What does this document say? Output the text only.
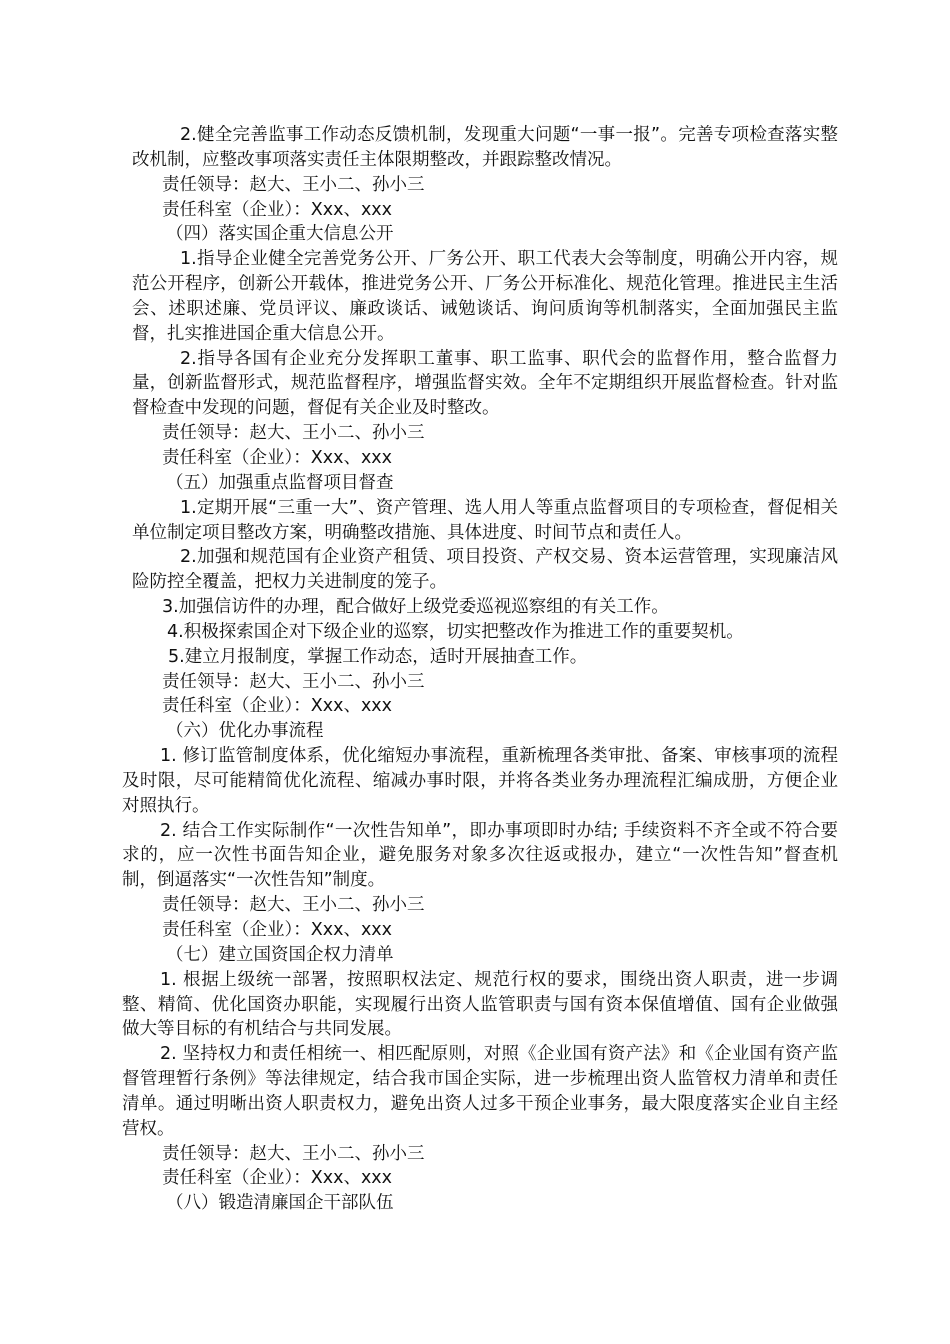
2.健全完善监事工作动态反馈机制，发现重大问题“一事一报”。完善专项检查落实整改机制，应整改事项落实责任主体限期整改，并跟踪整改情况。

责任领导：赵大、王小二、孙小三

责任科室（企业）：Xxx、xxx

（四）落实国企重大信息公开

1.指导企业健全完善党务公开、厂务公开、职工代表大会等制度，明确公开内容，规范公开程序，创新公开载体，推进党务公开、厂务公开标准化、规范化管理。推进民主生活会、述职述廉、党员评议、廉政谈话、诫勉谈话、询问质询等机制落实，全面加强民主监督，扎实推进国企重大信息公开。

2.指导各国有企业充分发挥职工董事、职工监事、职代会的监督作用，整合监督力量，创新监督形式，规范监督程序，增强监督实效。全年不定期组织开展监督检查。针对监督检查中发现的问题，督促有关企业及时整改。

责任领导：赵大、王小二、孙小三

责任科室（企业）：Xxx、xxx

（五）加强重点监督项目督查

1.定期开展“三重一大”、资产管理、选人用人等重点监督项目的专项检查，督促相关单位制定项目整改方案，明确整改措施、具体进度、时间节点和责任人。

2.加强和规范国有企业资产租赁、项目投资、产权交易、资本运营管理，实现廉洁风险防控全覆盖，把权力关进制度的笼子。

3.加强信访件的办理，配合做好上级党委巡视巡察组的有关工作。

4.积极探索国企对下级企业的巡察，切实把整改作为推进工作的重要契机。

5.建立月报制度，掌握工作动态，适时开展抽查工作。

责任领导：赵大、王小二、孙小三

责任科室（企业）：Xxx、xxx

（六）优化办事流程

1. 修订监管制度体系，优化缩短办事流程，重新梳理各类审批、备案、审核事项的流程及时限，尽可能精简优化流程、缩减办事时限，并将各类业务办理流程汇编成册，方便企业对照执行。

2. 结合工作实际制作“一次性告知单”，即办事项即时办结; 手续资料不齐全或不符合要求的，应一次性书面告知企业，避免服务对象多次往返或报办，建立“一次性告知”督查机制，倒逼落实“一次性告知”制度。

责任领导：赵大、王小二、孙小三

责任科室（企业）：Xxx、xxx

（七）建立国资国企权力清单

1. 根据上级统一部署，按照职权法定、规范行权的要求，围绕出资人职责，进一步调整、精简、优化国资办职能，实现履行出资人监管职责与国有资本保值增值、国有企业做强做大等目标的有机结合与共同发展。

2. 坚持权力和责任相统一、相匹配原则，对照《企业国有资产法》和《企业国有资产监督管理暂行条例》等法律规定，结合我市国企实际，进一步梳理出资人监管权力清单和责任清单。通过明晰出资人职责权力，避免出资人过多干预企业事务，最大限度落实企业自主经营权。

责任领导：赵大、王小二、孙小三

责任科室（企业）：Xxx、xxx

（八）锻造清廉国企干部队伍
